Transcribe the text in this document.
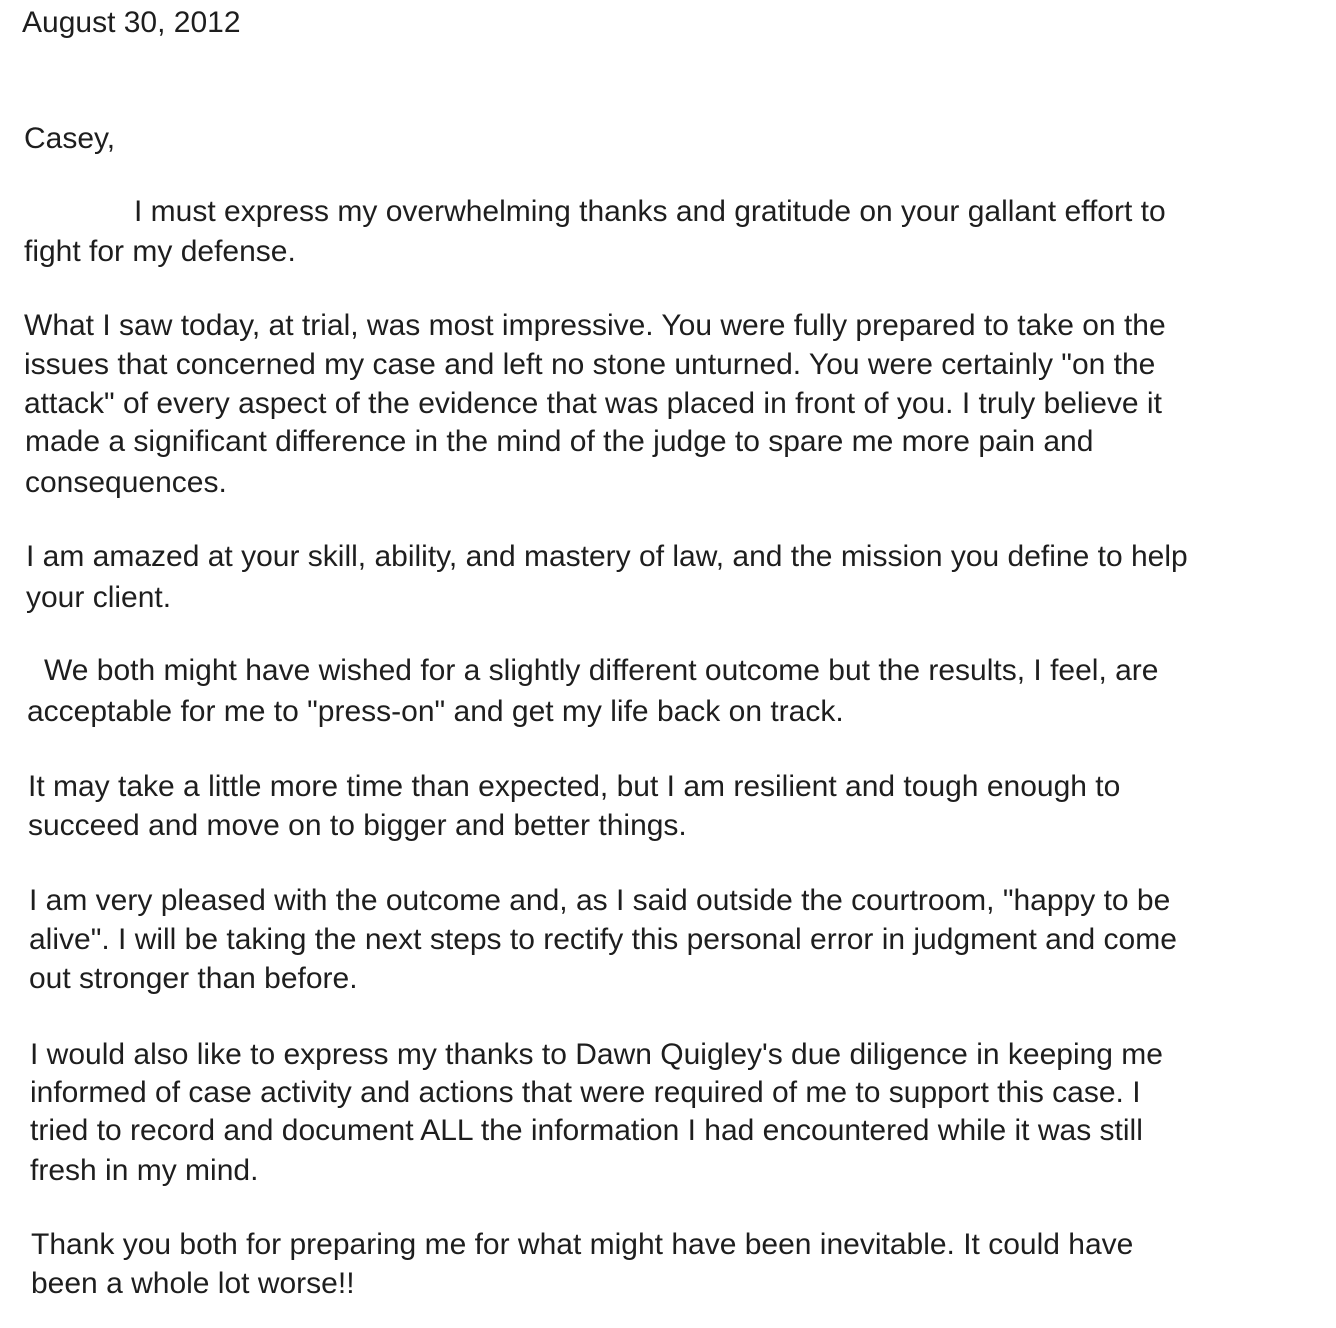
August 30, 2012
Casey,
I must express my overwhelming thanks and gratitude on your gallant effort to
fight for my defense.
What I saw today, at trial, was most impressive. You were fully prepared to take on the
issues that concerned my case and left no stone unturned. You were certainly "on the
attack" of every aspect of the evidence that was placed in front of you. I truly believe it
made a significant difference in the mind of the judge to spare me more pain and
consequences.
I am amazed at your skill, ability, and mastery of law, and the mission you define to help
your client.
We both might have wished for a slightly different outcome but the results, I feel, are
acceptable for me to "press-on" and get my life back on track.
It may take a little more time than expected, but I am resilient and tough enough to
succeed and move on to bigger and better things.
I am very pleased with the outcome and, as I said outside the courtroom, "happy to be
alive". I will be taking the next steps to rectify this personal error in judgment and come
out stronger than before.
I would also like to express my thanks to Dawn Quigley's due diligence in keeping me
informed of case activity and actions that were required of me to support this case. I
tried to record and document ALL the information I had encountered while it was still
fresh in my mind.
Thank you both for preparing me for what might have been inevitable. It could have
been a whole lot worse!!
